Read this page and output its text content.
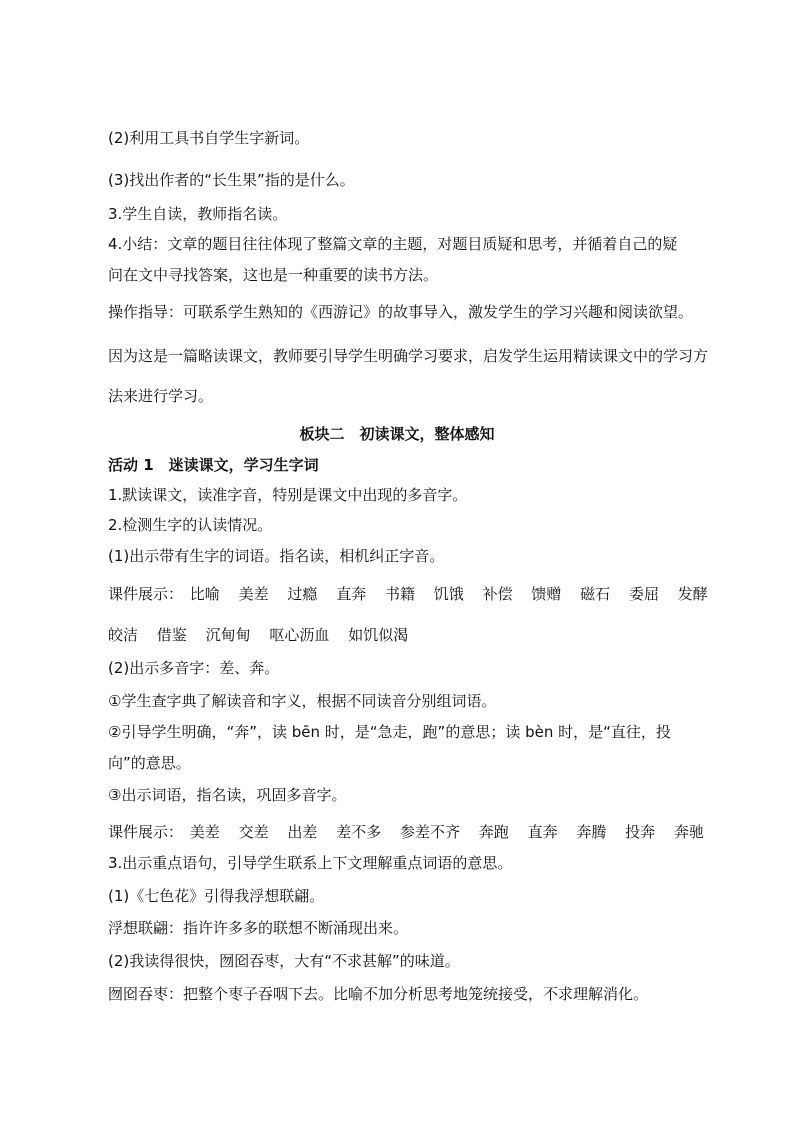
(2)利用工具书自学生字新词。
(3)找出作者的“长生果”指的是什么。
3.学生自读，教师指名读。
4.小结：文章的题目往往体现了整篇文章的主题，对题目质疑和思考，并循着自己的疑
问在文中寻找答案，这也是一种重要的读书方法。
操作指导：可联系学生熟知的《西游记》的故事导入，激发学生的学习兴趣和阅读欲望。
因为这是一篇略读课文，教师要引导学生明确学习要求，启发学生运用精读课文中的学习方
法来进行学习。
板块二　初读课文，整体感知
活动 1　迷读课文，学习生字词
1.默读课文，读准字音，特别是课文中出现的多音字。
2.检测生字的认读情况。
(1)出示带有生字的词语。指名读，相机纠正字音。
课件展示： 比喻 美差 过瘾 直奔 书籍 饥饿 补偿 馈赠 磁石 委屈 发酵
皎洁 借鉴 沉甸甸 呕心沥血 如饥似渴
(2)出示多音字：差、奔。
①学生查字典了解读音和字义，根据不同读音分别组词语。
②引导学生明确，“奔”，读 bēn 时，是“急走，跑”的意思；读 bèn 时，是“直往，投
向”的意思。
③出示词语，指名读，巩固多音字。
课件展示： 美差 交差 出差 差不多 参差不齐 奔跑 直奔 奔腾 投奔 奔驰
3.出示重点语句，引导学生联系上下文理解重点词语的意思。
(1)《七色花》引得我浮想联翩。
浮想联翩：指许许多多的联想不断涌现出来。
(2)我读得很快，囫囵吞枣，大有“不求甚解”的味道。
囫囵吞枣：把整个枣子吞咽下去。比喻不加分析思考地笼统接受，不求理解消化。
